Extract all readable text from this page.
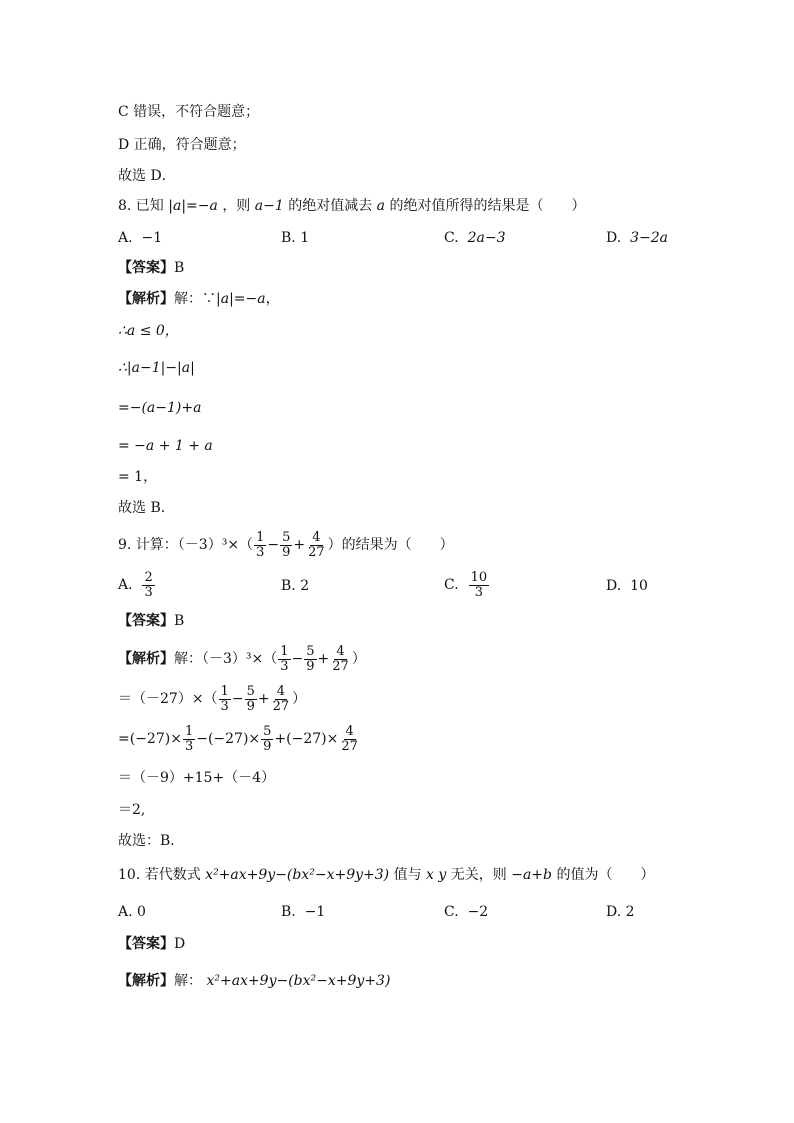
C 错误，不符合题意；
D 正确，符合题意；
故选 D．
8. 已知 |a|=−a ，则 a−1 的绝对值减去 a 的绝对值所得的结果是（　　）
A. −1	B. 1	C. 2a−3	D. 3−2a
【答案】B
【解析】解：∵|a|=−a，
∴a ≤ 0，
∴|a−1|−|a|
=−(a−1)+a
= −a + 1 + a
= 1，
故选 B．
9. 计算：$(-3)^3\times( \frac{1}{3} - \frac{5}{9} + \frac{4}{27}$ ）的结果为（　　）
A. $\frac{2}{3}$	B. 2	C. $\frac{10}{3}$	D. 10
【答案】B
【解析】解：$(-3)^3\times( \frac{1}{3} - \frac{5}{9} + \frac{4}{27}$ ）
$=(-27)\times( \frac{1}{3} - \frac{5}{9} + \frac{4}{27}$ ）
$=(-27)\times \frac{1}{3} -(-27)\times \frac{5}{9} +(-27)\times \frac{4}{27}$
＝（－9）+15+（－4）
＝2,
故选：B．
10. 若代数式 x²+ax+9y−(bx²−x+9y+3) 值与 x y 无关，则 −a+b 的值为（　　）
A. 0	B. −1	C. −2	D. 2
【答案】D
【解析】解： x²+ax+9y−(bx²−x+9y+3)
